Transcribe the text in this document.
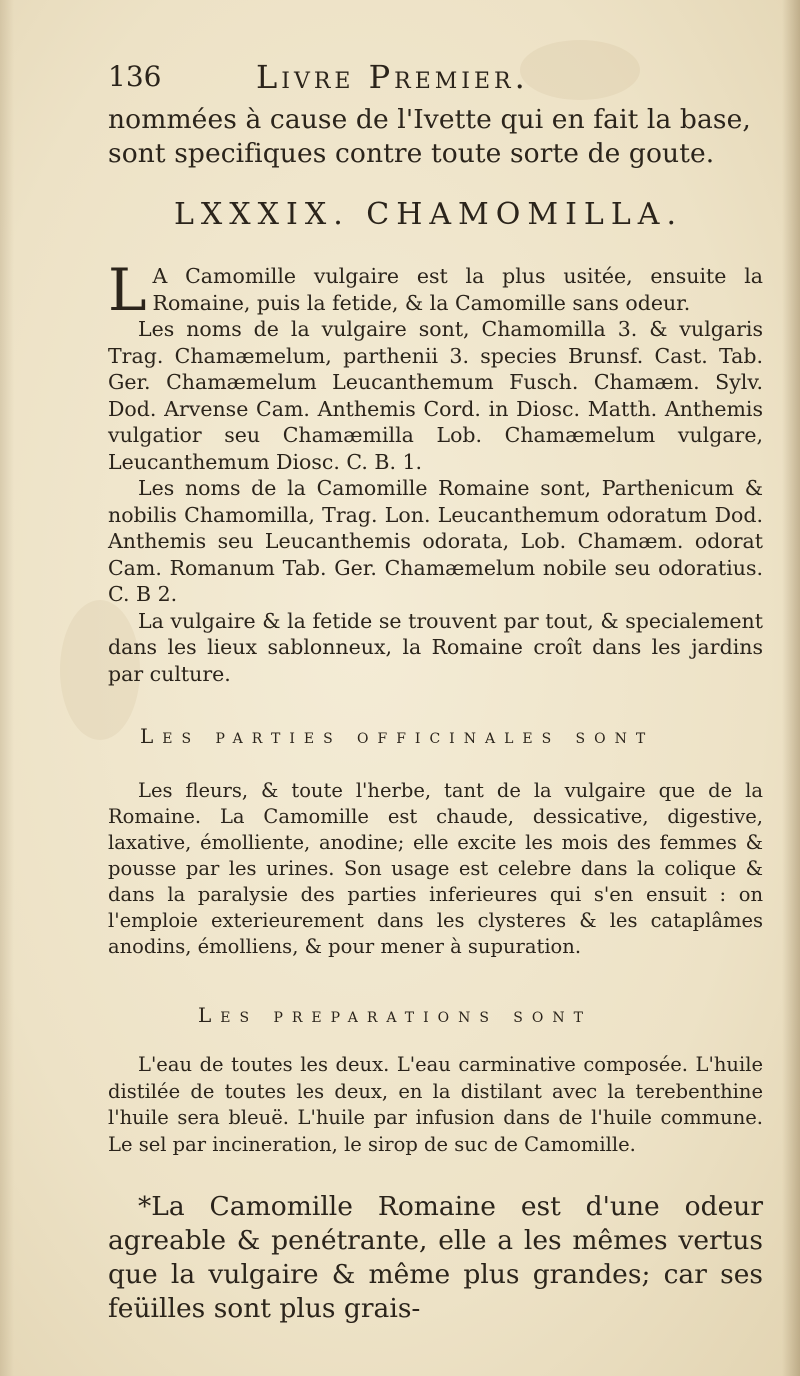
136	Livre Premier.
nommées à cause de l'Ivette qui en fait la base, sont specifiques contre toute sorte de goute.
LXXXIX. CHAMOMILLA.

L A Camomille vulgaire est la plus usitée, ensuite la Romaine, puis la fetide, & la Camomille sans odeur.

Les noms de la vulgaire sont, Chamomilla 3. & vulgaris Trag. Chamæmelum, parthenii 3. species Brunsf. Cast. Tab. Ger. Chamæmelum Leucanthemum Fusch. Chamæm. Sylv. Dod. Arvense Cam. Anthemis Cord. in Diosc. Matth. Anthemis vulgatior seu Chamæmilla Lob. Chamæmelum vulgare, Leucanthemum Diosc. C. B. 1.

Les noms de la Camomille Romaine sont, Parthenicum & nobilis Chamomilla, Trag. Lon. Leucanthemum odoratum Dod. Anthemis seu Leucanthemis odorata, Lob. Chamæm. odorat Cam. Romanum Tab. Ger. Chamæmelum nobile seu odoratius. C. B 2.

La vulgaire & la fetide se trouvent par tout, & specialement dans les lieux sablonneux, la Romaine croît dans les jardins par culture.

Les parties officinales sont

Les fleurs, & toute l'herbe, tant de la vulgaire que de la Romaine. La Camomille est chaude, dessicative, digestive, laxative, émolliente, anodine; elle excite les mois des femmes & pousse par les urines. Son usage est celebre dans la colique & dans la paralysie des parties inferieures qui s'en ensuit : on l'emploie exterieurement dans les clysteres & les cataplâmes anodins, émolliens, & pour mener à supuration.

Les preparations sont

L'eau de toutes les deux. L'eau carminative composée. L'huile distilée de toutes les deux, en la distilant avec la terebenthine l'huile sera bleuë. L'huile par infusion dans de l'huile commune. Le sel par incineration, le sirop de suc de Camomille.

*La Camomille Romaine est d'une odeur agreable & penétrante, elle a les mêmes vertus que la vulgaire & même plus grandes; car ses feüilles sont plus grais-
